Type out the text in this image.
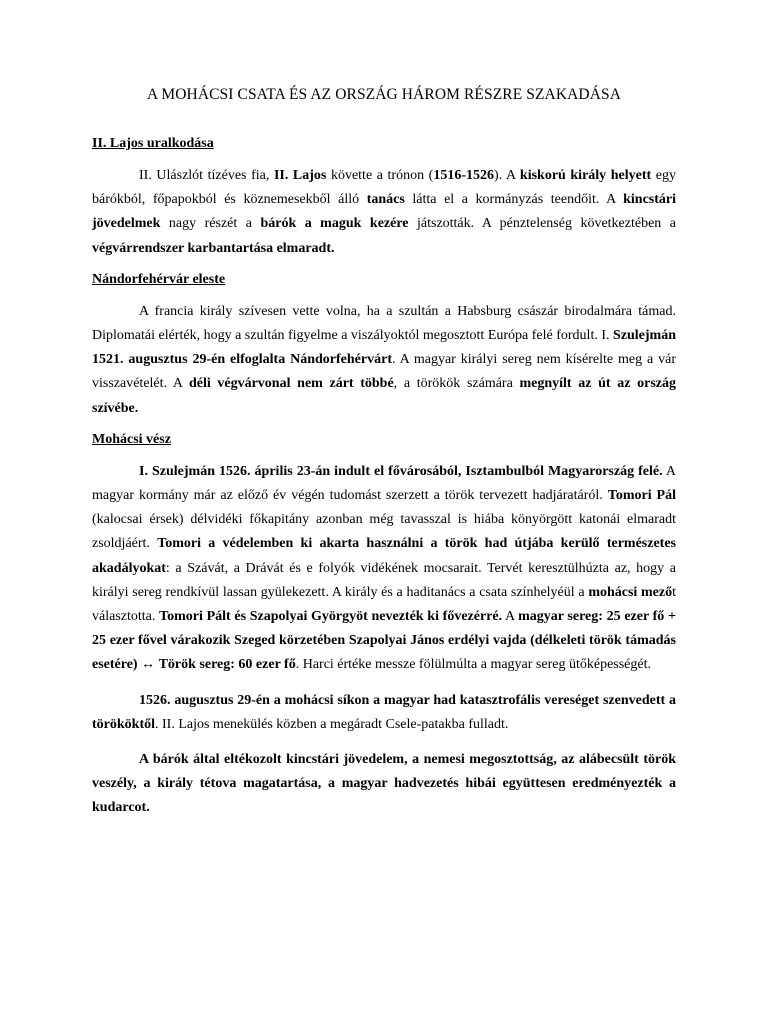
A MOHÁCSI CSATA ÉS AZ ORSZÁG HÁROM RÉSZRE SZAKADÁSA
II. Lajos uralkodása

II. Ulászlót tízéves fia, II. Lajos követte a trónon (1516-1526). A kiskorú király helyett egy bárókból, főpapokból és köznemesekből álló tanács látta el a kormányzás teendőit. A kincstári jövedelmek nagy részét a bárók a maguk kezére játszották. A pénztelenség következtében a végvárrendszer karbantartása elmaradt.

Nándorfehérvár eleste

A francia király szívesen vette volna, ha a szultán a Habsburg császár birodalmára támad. Diplomatái elérték, hogy a szultán figyelme a viszályoktól megosztott Európa felé fordult. I. Szulejmán 1521. augusztus 29-én elfoglalta Nándorfehérvárt. A magyar királyi sereg nem kísérelte meg a vár visszavételét. A déli végvárvonal nem zárt többé, a törökök számára megnyílt az út az ország szívébe.

Mohácsi vész

I. Szulejmán 1526. április 23-án indult el fővárosából, Isztambulból Magyarország felé. A magyar kormány már az előző év végén tudomást szerzett a török tervezett hadjáratáról. Tomori Pál (kalocsai érsek) délvidéki főkapitány azonban még tavasszal is hiába könyörgött katonái elmaradt zsoldjáért. Tomori a védelemben ki akarta használni a török had útjába kerülő természetes akadályokat: a Szávát, a Drávát és e folyók vidékének mocsarait. Tervét keresztülhúzta az, hogy a királyi sereg rendkívül lassan gyülekezett. A király és a haditanács a csata színhelyéül a mohácsi mezőt választotta. Tomori Pált és Szapolyai Györgyöt nevezték ki fővezérré. A magyar sereg: 25 ezer fő + 25 ezer fővel várakozik Szeged körzetében Szapolyai János erdélyi vajda (délkeleti török támadás esetére) ↔ Török sereg: 60 ezer fő. Harci értéke messze fölülmúlta a magyar sereg ütőképességét.

1526. augusztus 29-én a mohácsi síkon a magyar had katasztrofális vereséget szenvedett a törököktől. II. Lajos menekülés közben a megáradt Csele-patakba fulladt.

A bárók által eltékozolt kincstári jövedelem, a nemesi megosztottság, az alábecsült török veszély, a király tétova magatartása, a magyar hadvezetés hibái együttesen eredményezték a kudarcot.
